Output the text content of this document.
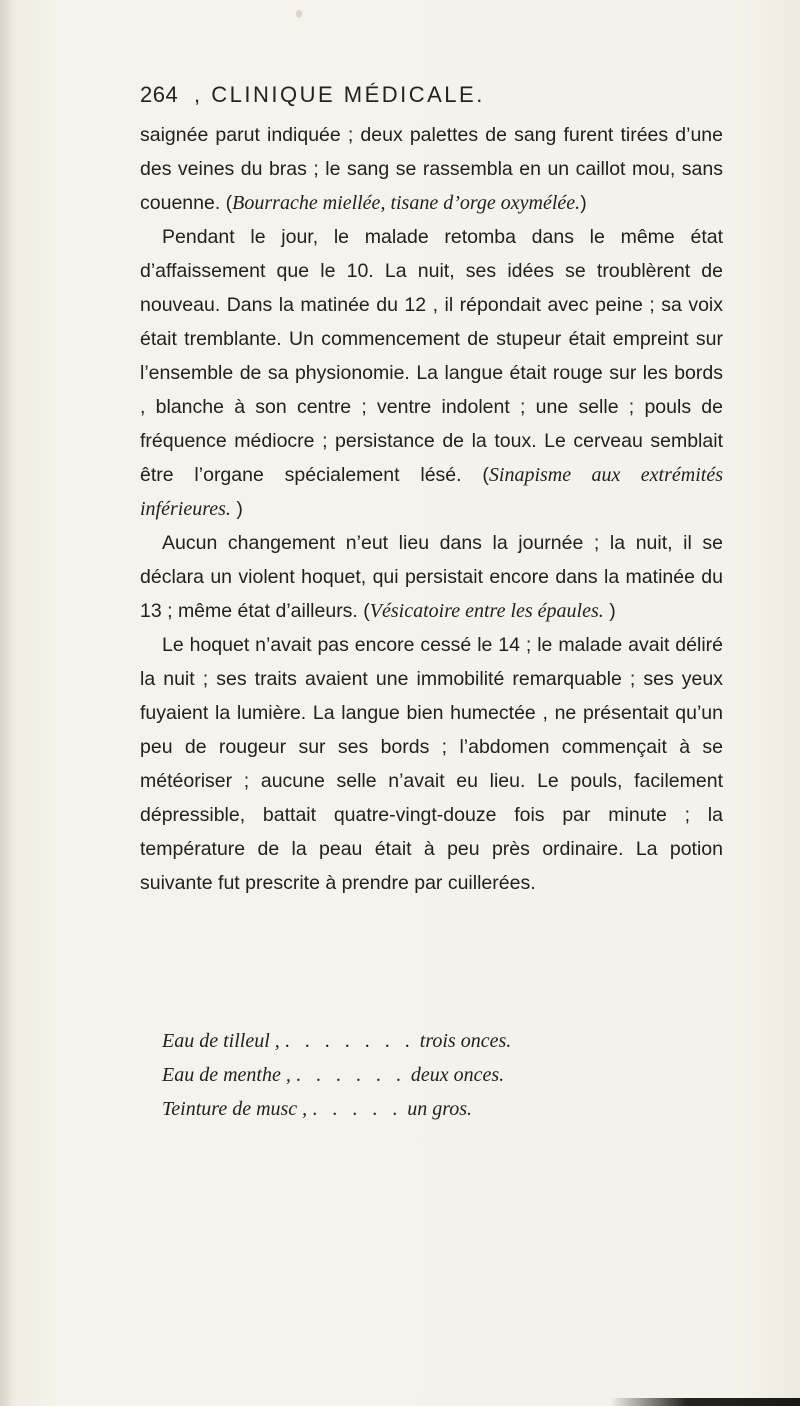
264 , CLINIQUE MÉDICALE.

saignée parut indiquée ; deux palettes de sang furent tirées d’une des veines du bras ; le sang se rassembla en un caillot mou, sans couenne. (Bourrache miellée, tisane d’orge oxymélée.)

Pendant le jour, le malade retomba dans le même état d’affaissement que le 10. La nuit, ses idées se troublèrent de nouveau. Dans la matinée du 12 , il répondait avec peine ; sa voix était tremblante. Un commencement de stupeur était empreint sur l’ensemble de sa physionomie. La langue était rouge sur les bords , blanche à son centre ; ventre indolent ; une selle ; pouls de fréquence médiocre ; persistance de la toux. Le cerveau semblait être l’organe spécialement lésé. (Sinapisme aux extrémités inférieures. )

Aucun changement n’eut lieu dans la journée ; la nuit, il se déclara un violent hoquet, qui persistait encore dans la matinée du 13 ; même état d’ailleurs. (Vésicatoire entre les épaules. )

Le hoquet n’avait pas encore cessé le 14 ; le malade avait déliré la nuit ; ses traits avaient une immobilité remarquable ; ses yeux fuyaient la lumière. La langue bien humectée , ne présentait qu’un peu de rougeur sur ses bords ; l’abdomen commençait à se météoriser ; aucune selle n’avait eu lieu. Le pouls, facilement dépressible, battait quatre-vingt-douze fois par minute ; la température de la peau était à peu près ordinaire. La potion suivante fut prescrite à prendre par cuillerées.

Eau de tilleul , . . . . . . . trois onces.
Eau de menthe , . . . . . . deux onces.
Teinture de musc , . . . . . un gros.
